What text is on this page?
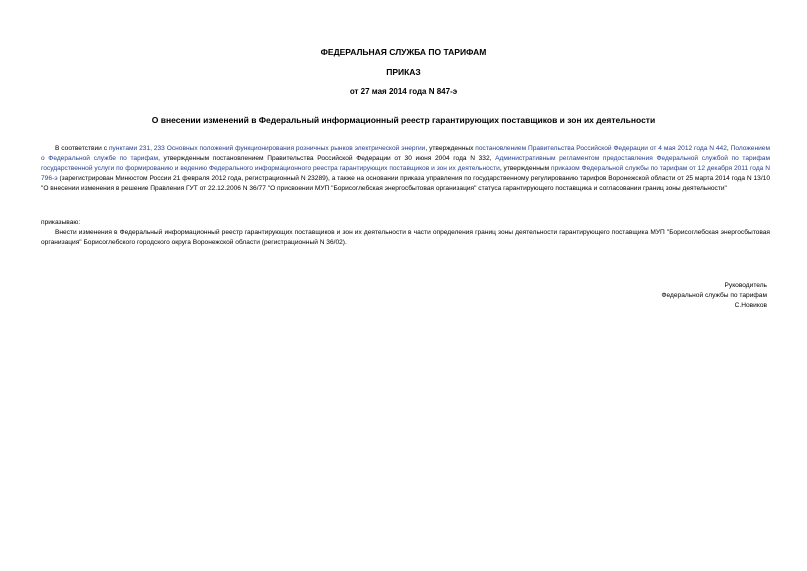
ФЕДЕРАЛЬНАЯ СЛУЖБА ПО ТАРИФАМ
ПРИКАЗ
от 27 мая 2014 года N 847-э
О внесении изменений в Федеральный информационный реестр гарантирующих поставщиков и зон их деятельности
В соответствии с пунктами 231, 233 Основных положений функционирования розничных рынков электрической энергии, утвержденных постановлением Правительства Российской Федерации от 4 мая 2012 года N 442, Положением о Федеральной службе по тарифам, утвержденным постановлением Правительства Российской Федерации от 30 июня 2004 года N 332, Административным регламентом предоставления Федеральной службой по тарифам государственной услуги по формированию и ведению Федерального информационного реестра гарантирующих поставщиков и зон их деятельности, утвержденным приказом Федеральной службы по тарифам от 12 декабря 2011 года N 796-э (зарегистрирован Минюстом России 21 февраля 2012 года, регистрационный N 23289), а также на основании приказа управления по государственному регулированию тарифов Воронежской области от 25 марта 2014 года N 13/10 "О внесении изменения в решение Правления ГУТ от 22.12.2006 N 36/77 "О присвоении МУП "Борисоглебская энергосбытовая организация" статуса гарантирующего поставщика и согласовании границ зоны деятельности"
приказываю:
Внести изменения в Федеральный информационный реестр гарантирующих поставщиков и зон их деятельности в части определения границ зоны деятельности гарантирующего поставщика МУП "Борисоглебская энергосбытовая организация" Борисоглебского городского округа Воронежской области (регистрационный N 36/02).
Руководитель
Федеральной службы по тарифам
С.Новиков
